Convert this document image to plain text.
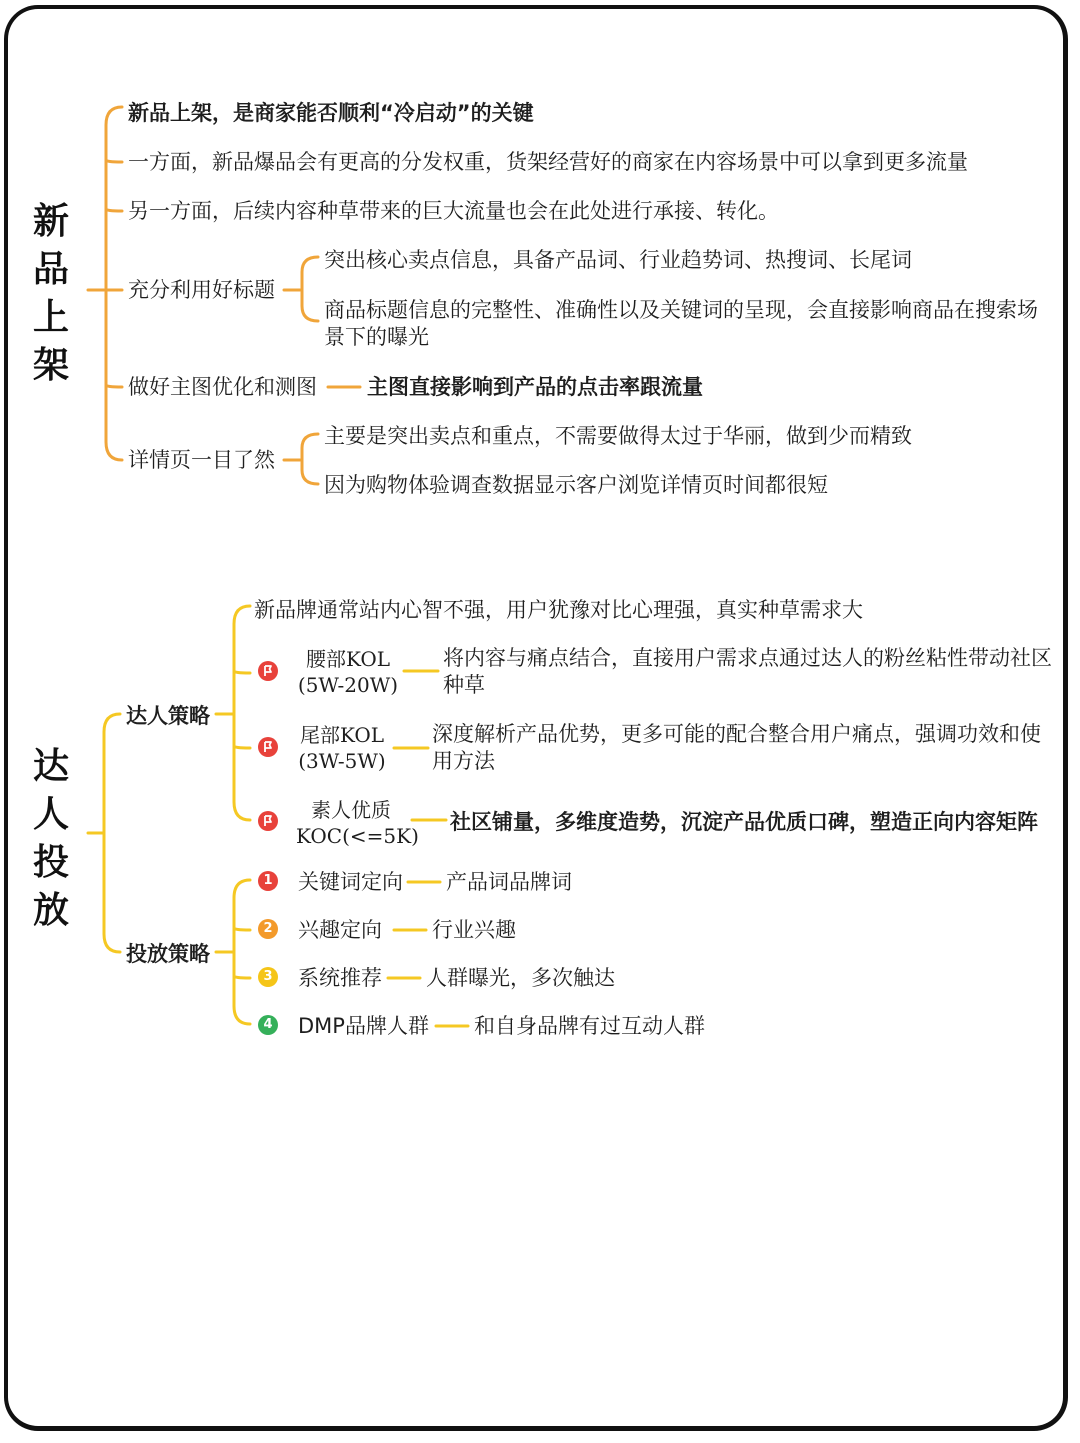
新品上架
新品上架，是商家能否顺利“冷启动”的关键
一方面，新品爆品会有更高的分发权重，货架经营好的商家在内容场景中可以拿到更多流量
另一方面，后续内容种草带来的巨大流量也会在此处进行承接、转化。
充分利用好标题
突出核心卖点信息，具备产品词、行业趋势词、热搜词、长尾词
商品标题信息的完整性、准确性以及关键词的呈现，会直接影响商品在搜索场景下的曝光
做好主图优化和测图 主图直接影响到产品的点击率跟流量
详情页一目了然
主要是突出卖点和重点，不需要做得太过于华丽，做到少而精致
因为购物体验调查数据显示客户浏览详情页时间都很短
达人投放
达人策略
新品牌通常站内心智不强，用户犹豫对比心理强，真实种草需求大
腰部KOL
(5W-20W)
将内容与痛点结合，直接用户需求点通过达人的粉丝粘性带动社区种草
尾部KOL
(3W-5W)
深度解析产品优势，更多可能的配合整合用户痛点，强调功效和使用方法
素人优质
KOC(<=5K)
社区铺量，多维度造势，沉淀产品优质口碑，塑造正向内容矩阵
投放策略
1 关键词定向 产品词品牌词
2 兴趣定向 行业兴趣
3 系统推荐 人群曝光，多次触达
4 DMP品牌人群 和自身品牌有过互动人群
